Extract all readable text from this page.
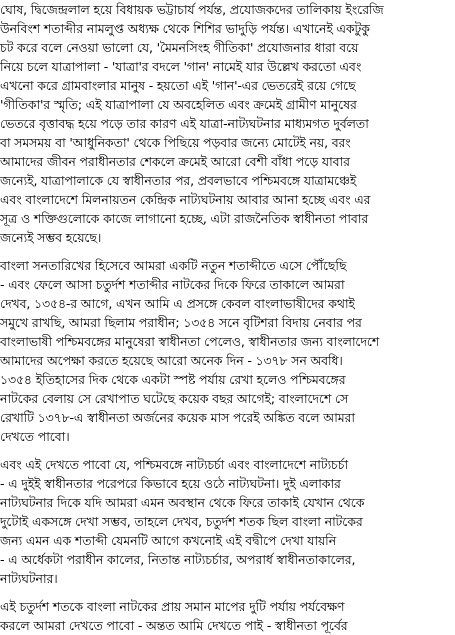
ঘোষ, দ্বিজেন্দ্রলাল হয়ে বিধায়ক ভট্টাচার্য পর্যন্ত, প্রযোজকদের তালিকায় ইংরেজি
উনবিংশ শতাব্দীর নামলুপ্ত অধ্যক্ষ থেকে শিশির ভাদুড়ি পর্যন্ত। এখানেই একটুকু
চট করে বলে নেওয়া ভালো যে, 'মৈমনসিংহ গীতিকা' প্রযোজনার ধারা বয়ে
নিয়ে চলে যাত্রাপালা - 'যাত্রা'র বদলে 'গান' নামেই যার উল্লেখ করতো এবং
এখনো করে গ্রামবাংলার মানুষ - হয়তো এই 'গান'-এর ভেতরেই রয়ে গেছে
'গীতিকা'র স্মৃতি; এই যাত্রাপালা যে অবহেলিত এবং ক্রমেই গ্রামীণ মানুষের
ভেতরে বৃত্তাবদ্ধ হয়ে পড়ে তার কারণ এই যাত্রা-নাট্যঘটনার মাধ্যমগত দুর্বলতা
বা সমসময় বা 'আধুনিকতা' থেকে পিছিয়ে পড়বার জন্যে মোটেই নয়, বরং
আমাদের জীবন পরাধীনতার শেকলে ক্রমেই আরো বেশী বাঁধা পড়ে যাবার
জন্যেই, যাত্রাপালাকে যে স্বাধীনতার পর, প্রবলভাবে পশ্চিমবঙ্গে যাত্রামঞ্চেই
এবং বাংলাদেশে মিলনায়তন কেন্দ্রিক নাট্যঘটনায় আবার আনা হচ্ছে এবং এর
সূত্র ও শক্তিগুলোকে কাজে লাগানো হচ্ছে, এটা রাজনৈতিক স্বাধীনতা পাবার
জন্যেই সম্ভব হয়েছে।
বাংলা সনতারিখের হিসেবে আমরা একটি নতুন শতাব্দীতে এসে পৌঁছেছি
- এবং ফেলে আসা চতুর্দশ শতাব্দীর নাটকের দিকে ফিরে তাকালে আমরা
দেখব, ১৩৫৪-র আগে, এখন আমি এ প্রসঙ্গে কেবল বাংলাভাষীদের কথাই
সমুখে রাখছি, আমরা ছিলাম পরাধীন; ১৩৫৪ সনে বৃটিশরা বিদায় নেবার পর
বাংলাভাষী পশ্চিমবঙ্গের মানুষেরা স্বাধীনতা পেলেও, স্বাধীনতার জন্য বাংলাদেশে
আমাদের অপেক্ষা করতে হয়েছে আরো অনেক দিন - ১৩৭৮ সন অবধি।
১৩৫৪ ইতিহাসের দিক থেকে একটা স্পষ্ট পর্যায় রেখা হলেও পশ্চিমবঙ্গের
নাটকের বেলায় সে রেখাপাত ঘটেছে কয়েক বছর আগেই; বাংলাদেশে সে
রেখাটি ১৩৭৮-এ স্বাধীনতা অর্জনের কয়েক মাস পরেই অঙ্কিত বলে আমরা
দেখতে পাবো।
এবং এই দেখতে পাবো যে, পশ্চিমবঙ্গে নাট্যচর্চা এবং বাংলাদেশে নাট্যচর্চা
- এ দুইই স্বাধীনতার পরেপরে কিভাবে হয়ে ওঠে নাট্যঘটনা। দুই এলাকার
নাট্যঘটনার দিকে যদি আমরা এমন অবস্থান থেকে ফিরে তাকাই যেখান থেকে
দুটোই একসঙ্গে দেখা সম্ভব, তাহলে দেখব, চতুর্দশ শতক ছিল বাংলা নাটকের
জন্য এমন এক শতাব্দী যেমনটি আগে কখনোই এই বদ্বীপে দেখা যায়নি
- এ অর্ধেকটা পরাধীন কালের, নিতান্ত নাট্যচর্চার, অপরার্ধ স্বাধীনতাকালের,
নাট্যঘটনার।
এই চতুর্দশ শতকে বাংলা নাটকের প্রায় সমান মাপের দুটি পর্যায় পর্যবেক্ষণ
করলে আমরা দেখতে পাবো - অন্তত আমি দেখতে পাই - স্বাধীনতা পূর্বের
